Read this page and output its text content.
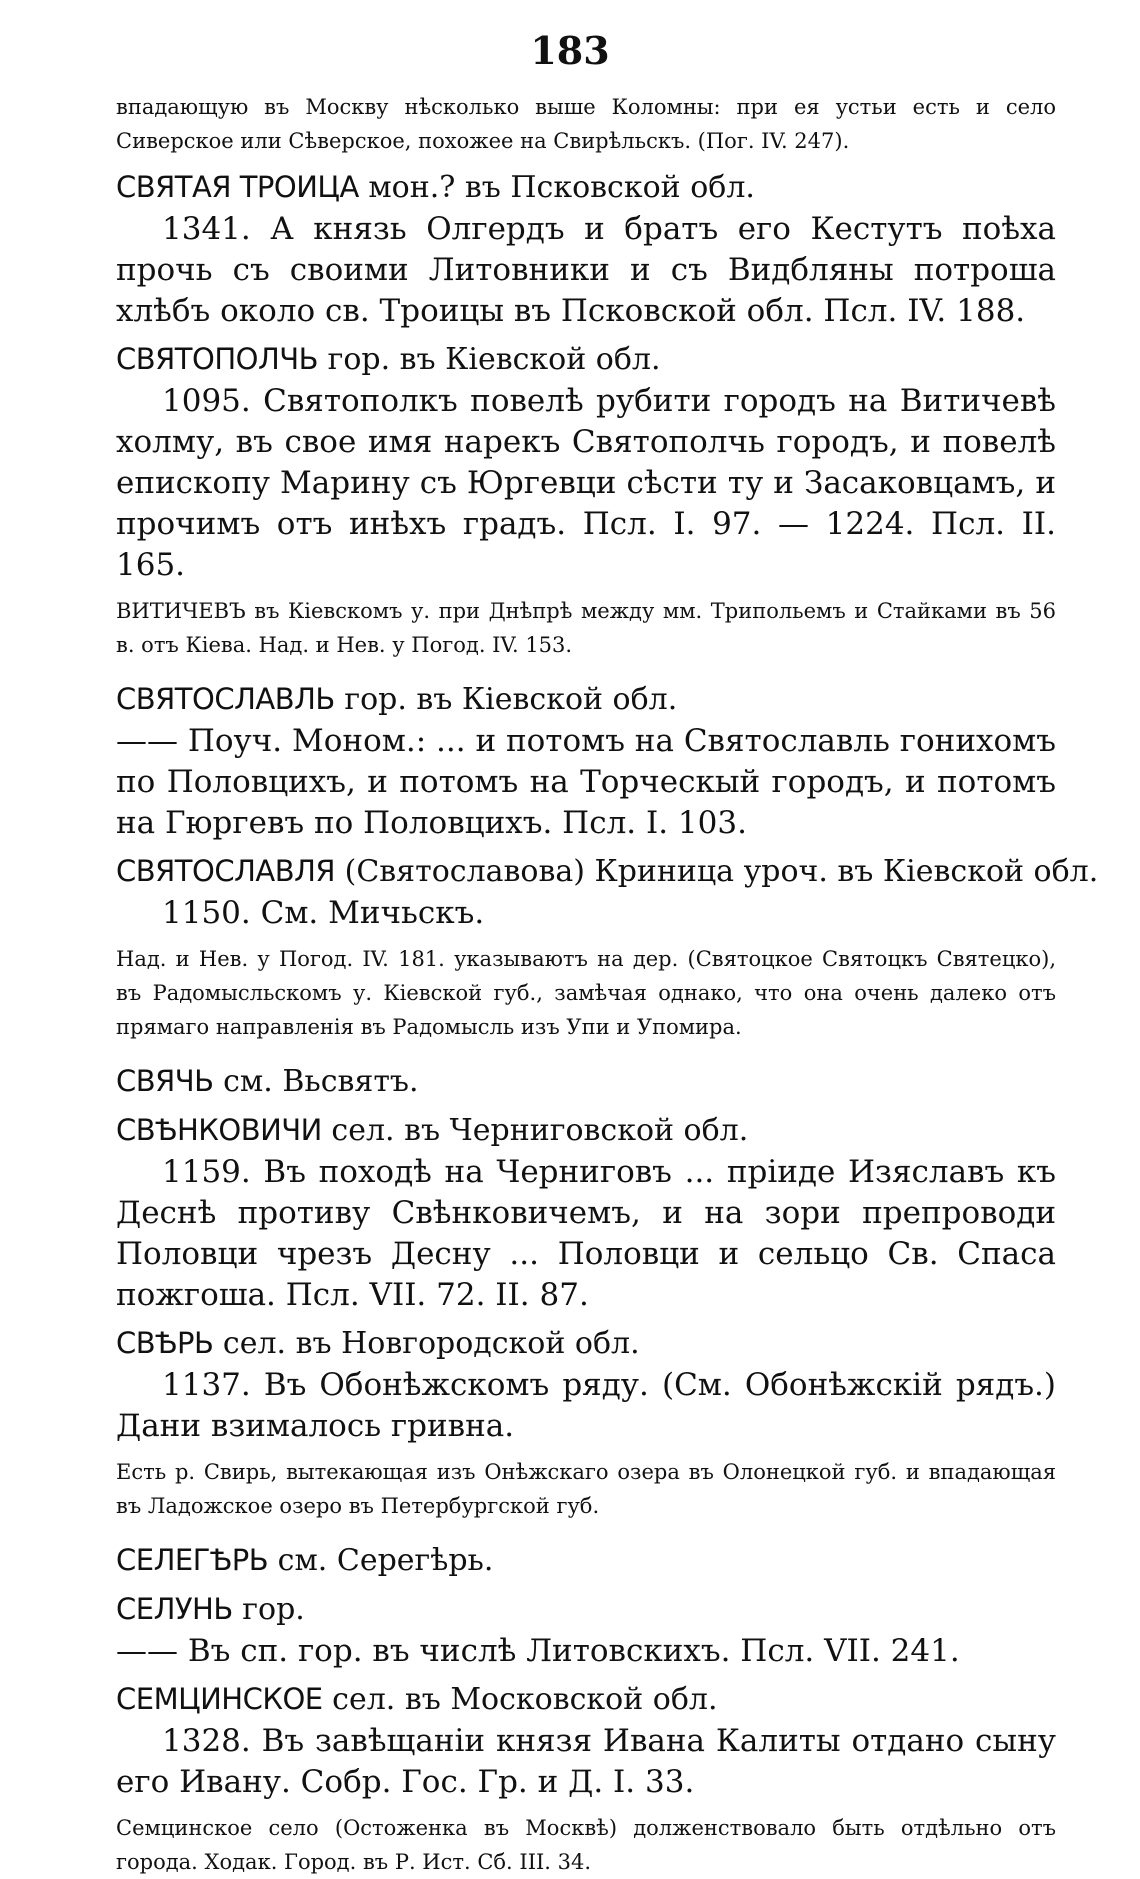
183

впадающую въ Москву нѣсколько выше Коломны: при ея устьи есть и село Сиверское или Сѣверское, похожее на Свирѣльскъ. (Пог. IV. 247).

СВЯТАЯ ТРОИЦА мон.? въ Псковской обл.

1341. А князь Олгердъ и братъ его Кестутъ поѣха прочь съ своими Литовники и съ Видбляны потроша хлѣбъ около св. Троицы въ Псковской обл. Псл. IV. 188.

СВЯТОПОЛЧЬ гор. въ Кіевской обл.

1095. Святополкъ повелѣ рубити городъ на Витичевѣ холму, въ свое имя нарекъ Святополчь городъ, и повелѣ епископу Марину съ Юргевци сѣсти ту и Засаковцамъ, и прочимъ отъ инѣхъ градъ. Псл. I. 97. — 1224. Псл. II. 165.

ВИТИЧЕВЪ въ Кіевскомъ у. при Днѣпрѣ между мм. Трипольемъ и Стайками въ 56 в. отъ Кіева. Над. и Нев. у Погод. IV. 153.

СВЯТОСЛАВЛЬ гор. въ Кіевской обл.

—— Поуч. Моном.: ... и потомъ на Святославль гонихомъ по Половцихъ, и потомъ на Торческый городъ, и потомъ на Гюргевъ по Половцихъ. Псл. I. 103.

СВЯТОСЛАВЛЯ (Святославова) Криница уроч. въ Кіевской обл.

1150. См. Мичьскъ.

Над. и Нев. у Погод. IV. 181. указываютъ на дер. (Святоцкое Святоцкъ Святецко), въ Радомысльскомъ у. Кіевской губ., замѣчая однако, что она очень далеко отъ прямаго направленія въ Радомысль изъ Упи и Упомира.

СВЯЧЬ см. Вьсвятъ.

СВѢНКОВИЧИ сел. въ Черниговской обл.

1159. Въ походѣ на Черниговъ ... пріиде Изяславъ къ Деснѣ противу Свѣнковичемъ, и на зори препроводи Половци чрезъ Десну ... Половци и сельцо Св. Спаса пожгоша. Псл. VII. 72. II. 87.

СВѢРЬ сел. въ Новгородской обл.

1137. Въ Обонѣжскомъ ряду. (См. Обонѣжскій рядъ.) Дани взималось гривна.

Есть р. Свирь, вытекающая изъ Онѣжскаго озера въ Олонецкой губ. и впадающая въ Ладожское озеро въ Петербургской губ.

СЕЛЕГѢРЬ см. Серегѣрь.

СЕЛУНЬ гор.

—— Въ сп. гор. въ числѣ Литовскихъ. Псл. VII. 241.

СЕМЦИНСКОЕ сел. въ Московской обл.

1328. Въ завѣщаніи князя Ивана Калиты отдано сыну его Ивану. Собр. Гос. Гр. и Д. I. 33.

Семцинское село (Остоженка въ Москвѣ) долженствовало быть отдѣльно отъ города. Ходак. Город. въ Р. Ист. Сб. III. 34.
